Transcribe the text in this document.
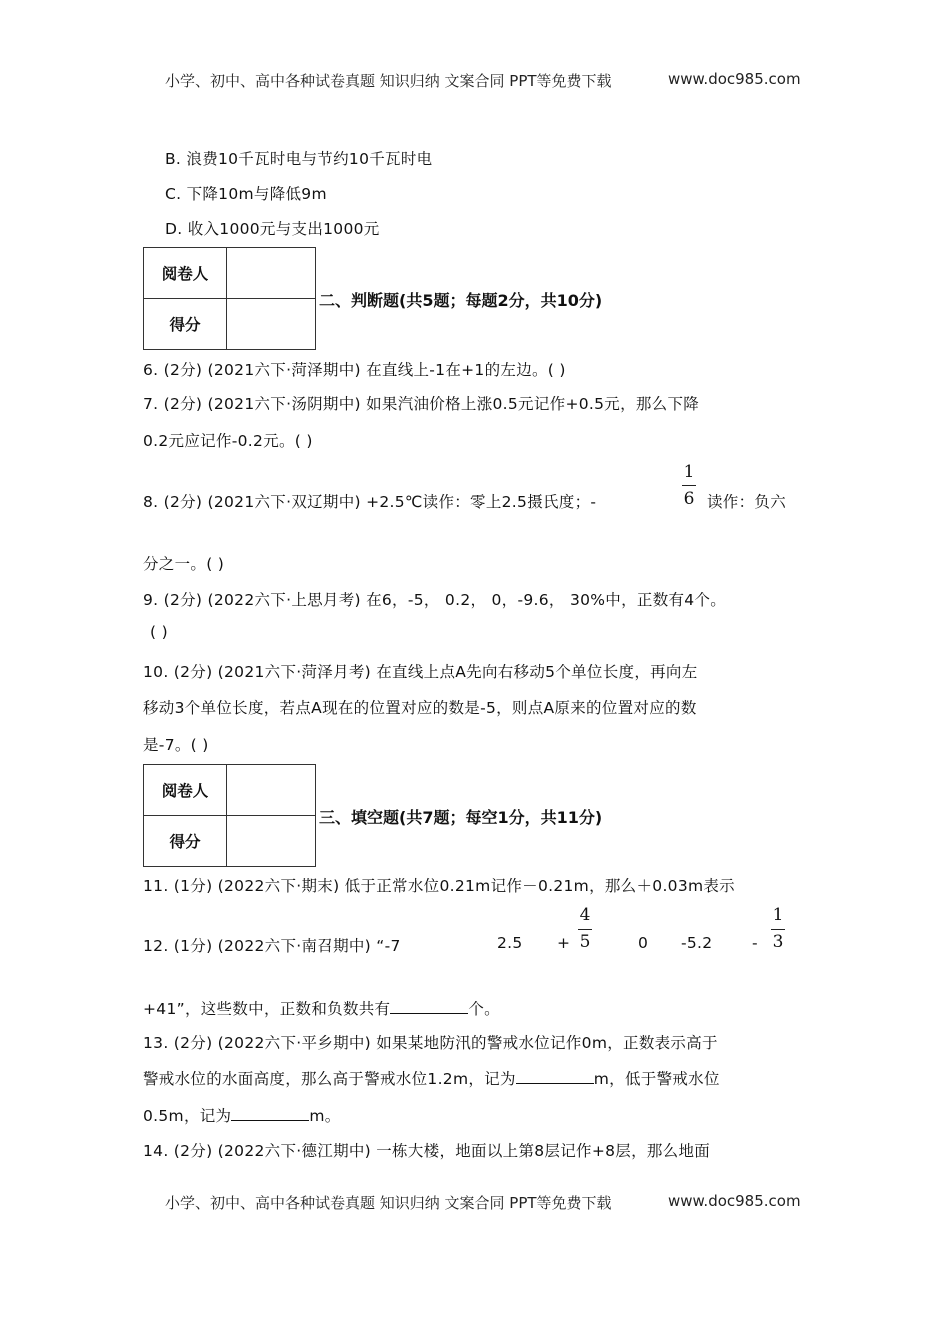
小学、初中、高中各种试卷真题 知识归纳 文案合同 PPT等免费下载	www.doc985.com
B. 浪费10千瓦时电与节约10千瓦时电
C. 下降10m与降低9m
D. 收入1000元与支出1000元
阅卷人	
得分	
二、判断题(共5题；每题2分，共10分)
6. (2分) (2021六下·菏泽期中) 在直线上-1在+1的左边。( )
7. (2分) (2021六下·汤阴期中) 如果汽油价格上涨0.5元记作+0.5元，那么下降
0.2元应记作-0.2元。( )
8. (2分) (2021六下·双辽期中) +2.5℃读作：零上2.5摄氏度；-
1
6 读作：负六
分之一。( )
9. (2分) (2022六下·上思月考) 在6，-5， 0.2， 0，-9.6， 30%中，正数有4个。
( )
10. (2分) (2021六下·菏泽月考) 在直线上点A先向右移动5个单位长度，再向左
移动3个单位长度，若点A现在的位置对应的数是-5，则点A原来的位置对应的数
是-7。( )
阅卷人	
得分	
三、填空题(共7题；每空1分，共11分)
11. (1分) (2022六下·期末) 低于正常水位0.21m记作－0.21m，那么＋0.03m表示
12. (1分) (2022六下·南召期中) “-7	2.5 +
4
5	0 -5.2	-
1
3
+41”，这些数中，正数和负数共有	个。
13. (2分) (2022六下·平乡期中) 如果某地防汛的警戒水位记作0m，正数表示高于
警戒水位的水面高度，那么高于警戒水位1.2m，记为	m，低于警戒水位
0.5m，记为	m。
14. (2分) (2022六下·德江期中) 一栋大楼，地面以上第8层记作+8层，那么地面
小学、初中、高中各种试卷真题 知识归纳 文案合同 PPT等免费下载	www.doc985.com
